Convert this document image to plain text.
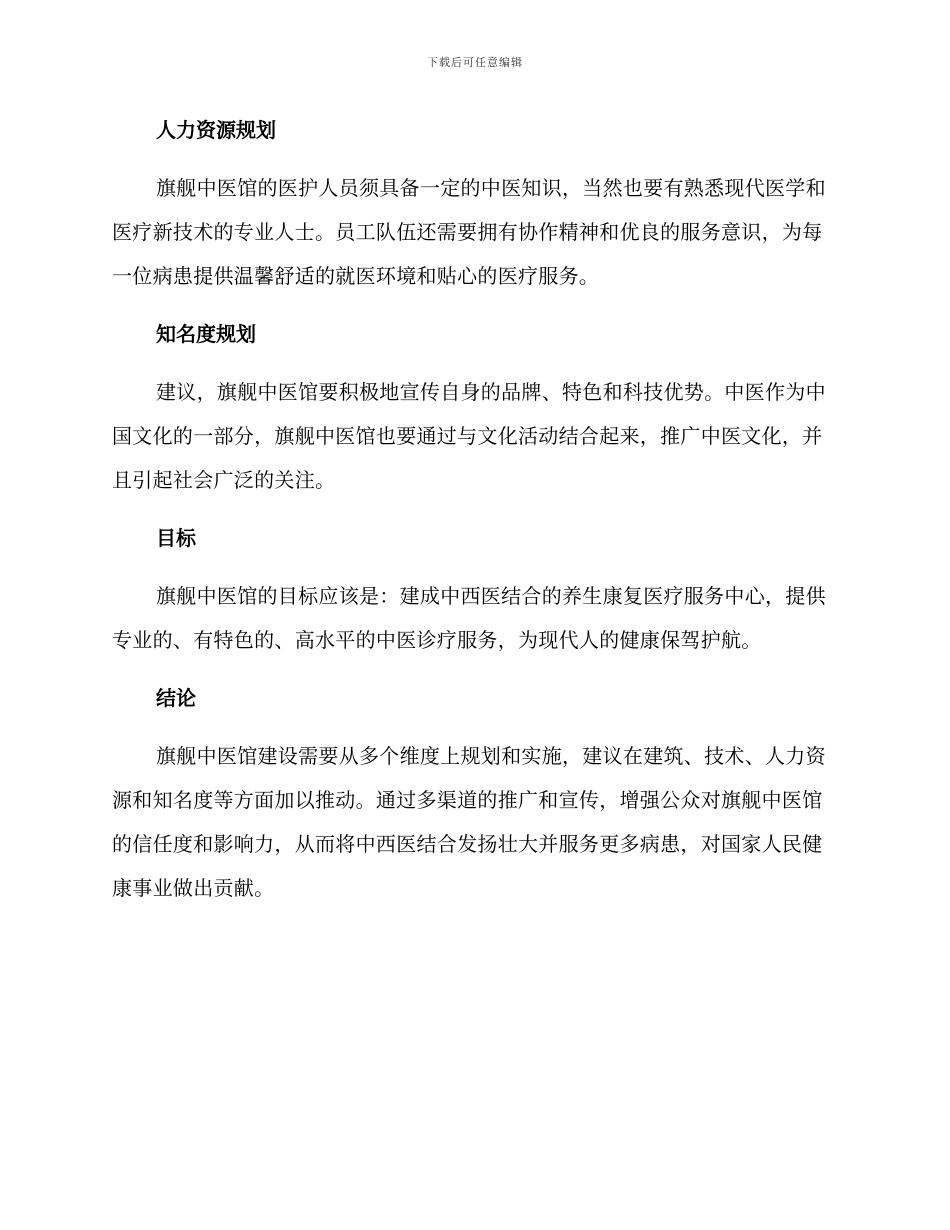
下载后可任意编辑

人力资源规划

旗舰中医馆的医护人员须具备一定的中医知识，当然也要有熟悉现代医学和医疗新技术的专业人士。员工队伍还需要拥有协作精神和优良的服务意识，为每一位病患提供温馨舒适的就医环境和贴心的医疗服务。

知名度规划

建议，旗舰中医馆要积极地宣传自身的品牌、特色和科技优势。中医作为中国文化的一部分，旗舰中医馆也要通过与文化活动结合起来，推广中医文化，并且引起社会广泛的关注。

目标

旗舰中医馆的目标应该是：建成中西医结合的养生康复医疗服务中心，提供专业的、有特色的、高水平的中医诊疗服务，为现代人的健康保驾护航。

结论

旗舰中医馆建设需要从多个维度上规划和实施，建议在建筑、技术、人力资源和知名度等方面加以推动。通过多渠道的推广和宣传，增强公众对旗舰中医馆的信任度和影响力，从而将中西医结合发扬壮大并服务更多病患，对国家人民健康事业做出贡献。
